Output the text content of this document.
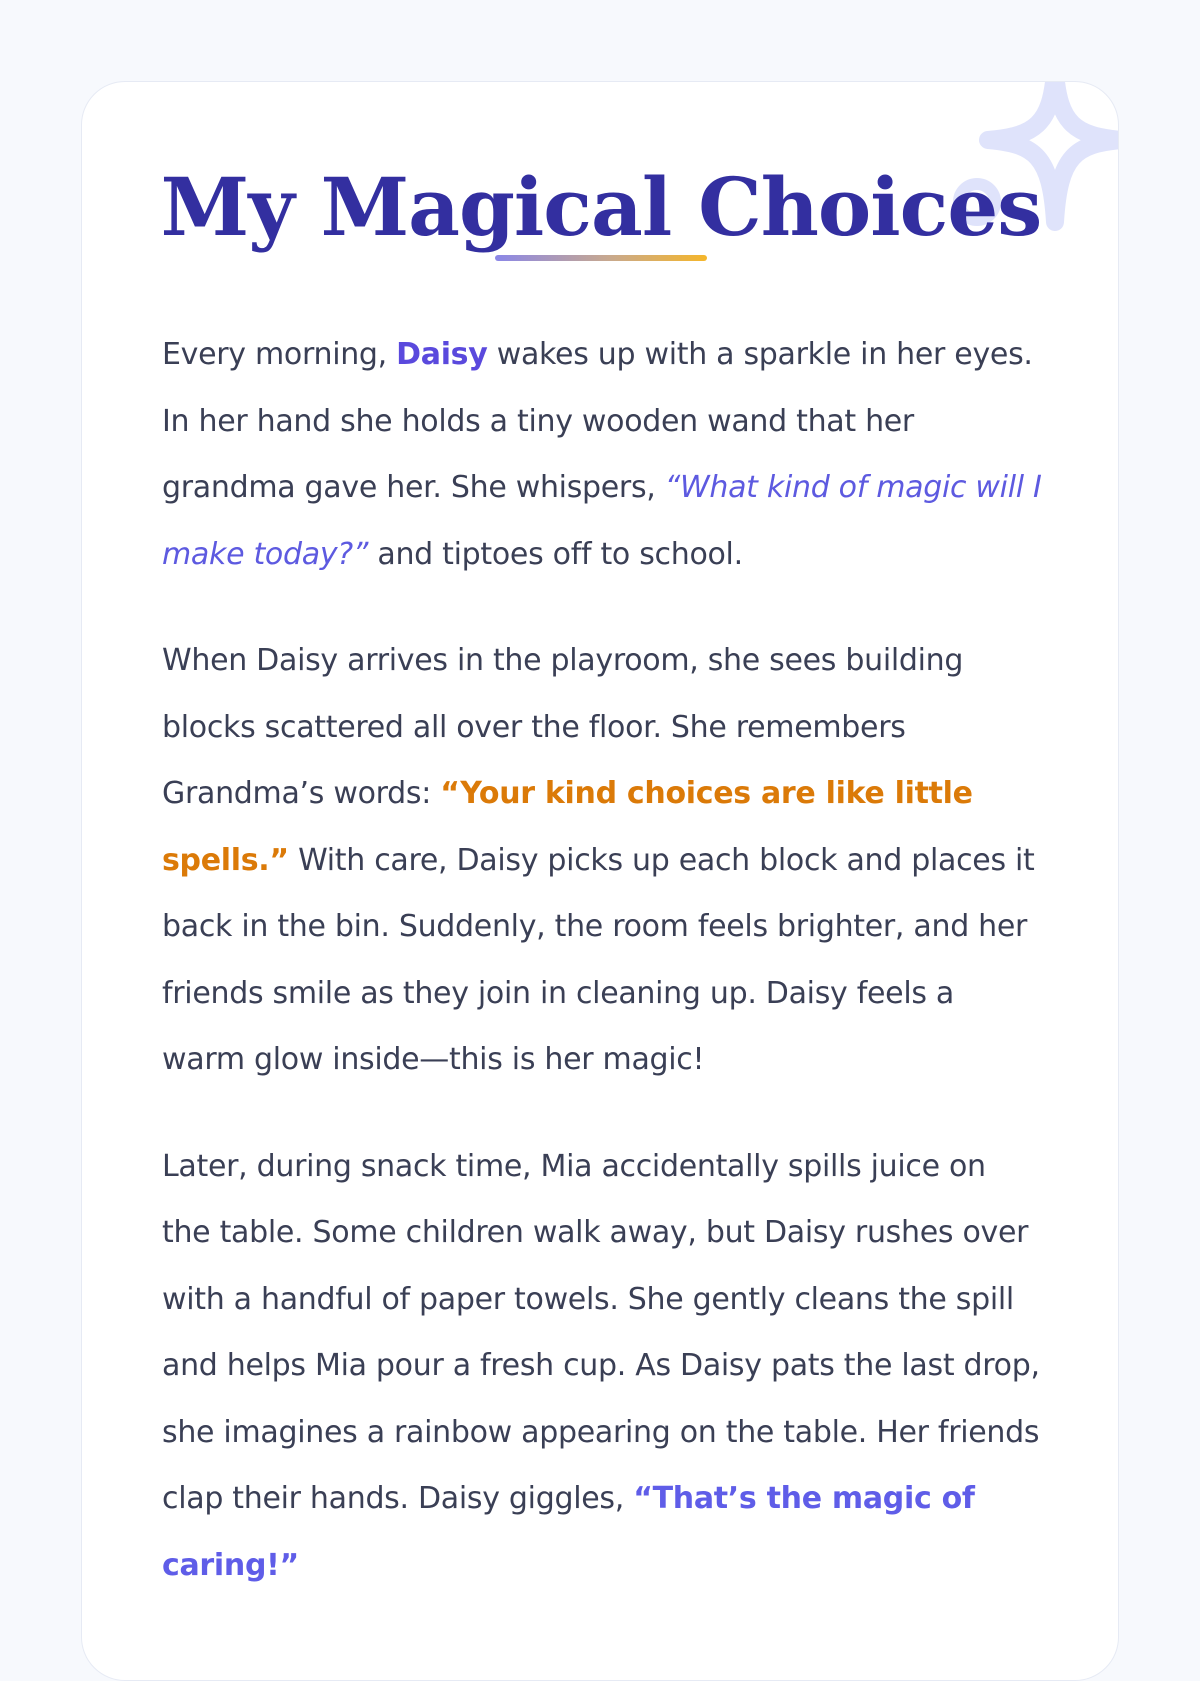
My Magical Choices

Every morning, Daisy wakes up with a sparkle in her eyes. In her hand she holds a tiny wooden wand that her grandma gave her. She whispers, “What kind of magic will I make today?” and tiptoes off to school.

When Daisy arrives in the playroom, she sees building blocks scattered all over the floor. She remembers Grandma’s words: “Your kind choices are like little spells.” With care, Daisy picks up each block and places it back in the bin. Suddenly, the room feels brighter, and her friends smile as they join in cleaning up. Daisy feels a warm glow inside—this is her magic!

Later, during snack time, Mia accidentally spills juice on the table. Some children walk away, but Daisy rushes over with a handful of paper towels. She gently cleans the spill and helps Mia pour a fresh cup. As Daisy pats the last drop, she imagines a rainbow appearing on the table. Her friends clap their hands. Daisy giggles, “That’s the magic of caring!”
